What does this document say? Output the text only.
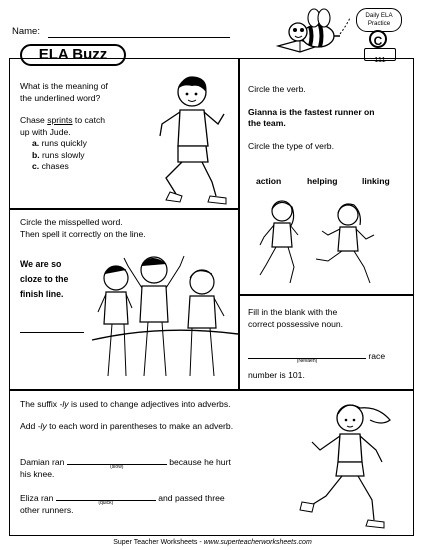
Name:
ELA Buzz
Daily ELA
Practice
C
111
What is the meaning of
the underlined word?
Chase sprints to catch
up with Jude.
a. runs quickly
b. runs slowly
c. chases
Circle the verb.
Gianna is the fastest runner on
the team.
Circle the type of verb.
action	helping	linking
Circle the misspelled word.
Then spell it correctly on the line.
We are so
cloze to the
finish line.
Fill in the blank with the
correct possessive noun.
(Nevaeh)	race
number is 101.
The suffix -ly is used to change adjectives into adverbs.
Add -ly to each word in parentheses to make an adverb.
Damian ran	(slow)	because he hurt
his knee.
Eliza ran	(quick)	and passed three
other runners.
Super Teacher Worksheets - www.superteacherworksheets.com
